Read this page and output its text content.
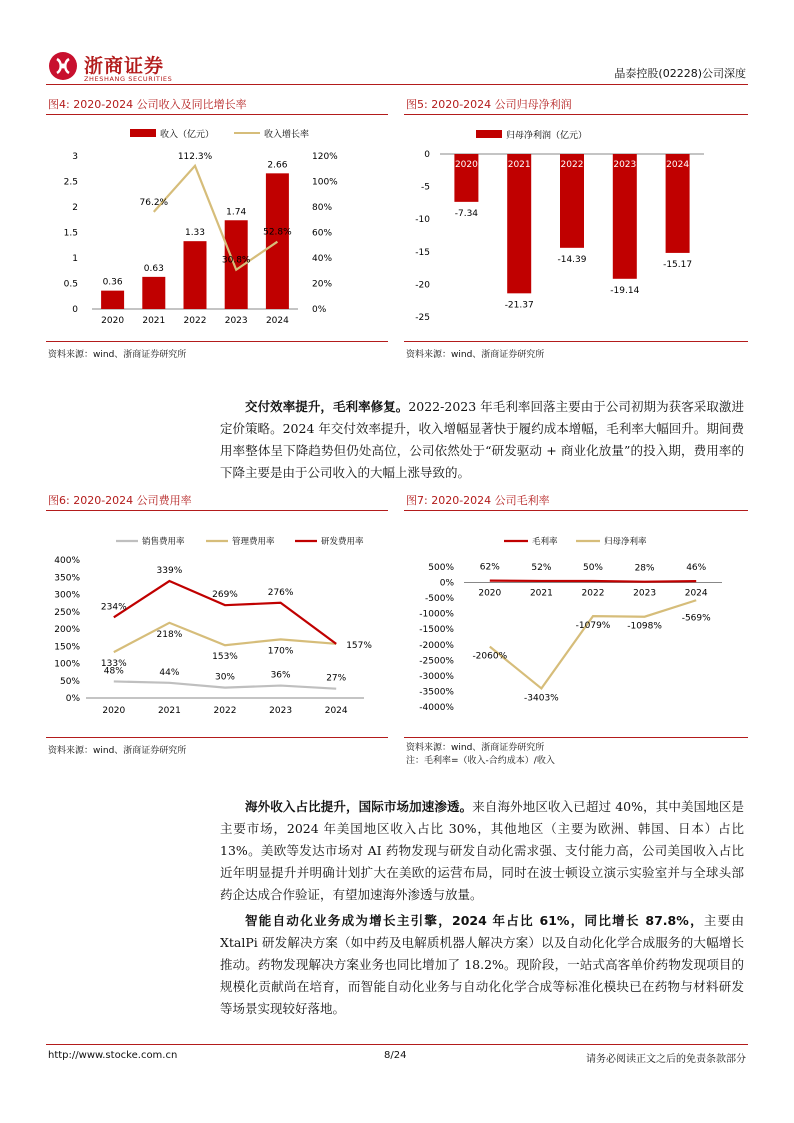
浙商证券
ZHESHANG SECURITIES	晶泰控股(02228)公司深度
图4: 2020-2024 公司收入及同比增长率	图5: 2020-2024 公司归母净利润
收入（亿元）	收入增长率
0
0.5
1
1.5
2
2.5
3
0%
20%
40%
60%
80%
100%
120%
0.36
2020
0.63
2021
1.33
2022
1.74
2023
2.66
2024
76.2%
112.3%
30.8%
52.8%
资料来源：wind、浙商证券研究所
归母净利润（亿元）
0
-5
-10
-15
-20
-25
2020
-7.34
2021
-21.37
2022
-14.39
2023
-19.14
2024
-15.17
资料来源：wind、浙商证券研究所
交付效率提升，毛利率修复。2022-2023 年毛利率回落主要由于公司初期为获客采取激进定价策略。2024 年交付效率提升，收入增幅显著快于履约成本增幅，毛利率大幅回升。期间费用率整体呈下降趋势但仍处高位，公司依然处于“研发驱动 + 商业化放量”的投入期，费用率的下降主要是由于公司收入的大幅上涨导致的。
图6: 2020-2024 公司费用率	图7: 2020-2024 公司毛利率
销售费用率	管理费用率	研发费用率
0%
50%
100%
150%
200%
250%
300%
350%
400%
2020	2021	2022	2023	2024
48%	44%	30%	36%	27%
133%
218%
153%
170%
234%
339%
269%	276%
157%
资料来源：wind、浙商证券研究所
毛利率	归母净利率
500%
0%
-500%
-1000%
-1500%
-2000%
-2500%
-3000%
-3500%
-4000%
2020	2021	2022	2023	2024
62%	52%	50%	28%	46%
-2060%
-3403%
-1079% -1098%
-569%
资料来源：wind、浙商证券研究所
注：毛利率=（收入-合约成本）/收入
海外收入占比提升，国际市场加速渗透。来自海外地区收入已超过 40%，其中美国地区是主要市场，2024 年美国地区收入占比 30%，其他地区（主要为欧洲、韩国、日本）占比 13%。美欧等发达市场对 AI 药物发现与研发自动化需求强、支付能力高，公司美国收入占比近年明显提升并明确计划扩大在美欧的运营布局，同时在波士顿设立演示实验室并与全球头部药企达成合作验证，有望加速海外渗透与放量。
智能自动化业务成为增长主引擎，2024 年占比 61%，同比增长 87.8%，主要由 XtalPi 研发解决方案（如中药及电解质机器人解决方案）以及自动化化学合成服务的大幅增长推动。药物发现解决方案业务也同比增加了 18.2%。现阶段，一站式高客单价药物发现项目的规模化贡献尚在培育，而智能自动化业务与自动化化学合成等标准化模块已在药物与材料研发等场景实现较好落地。
http://www.stocke.com.cn	8/24	请务必阅读正文之后的免责条款部分
